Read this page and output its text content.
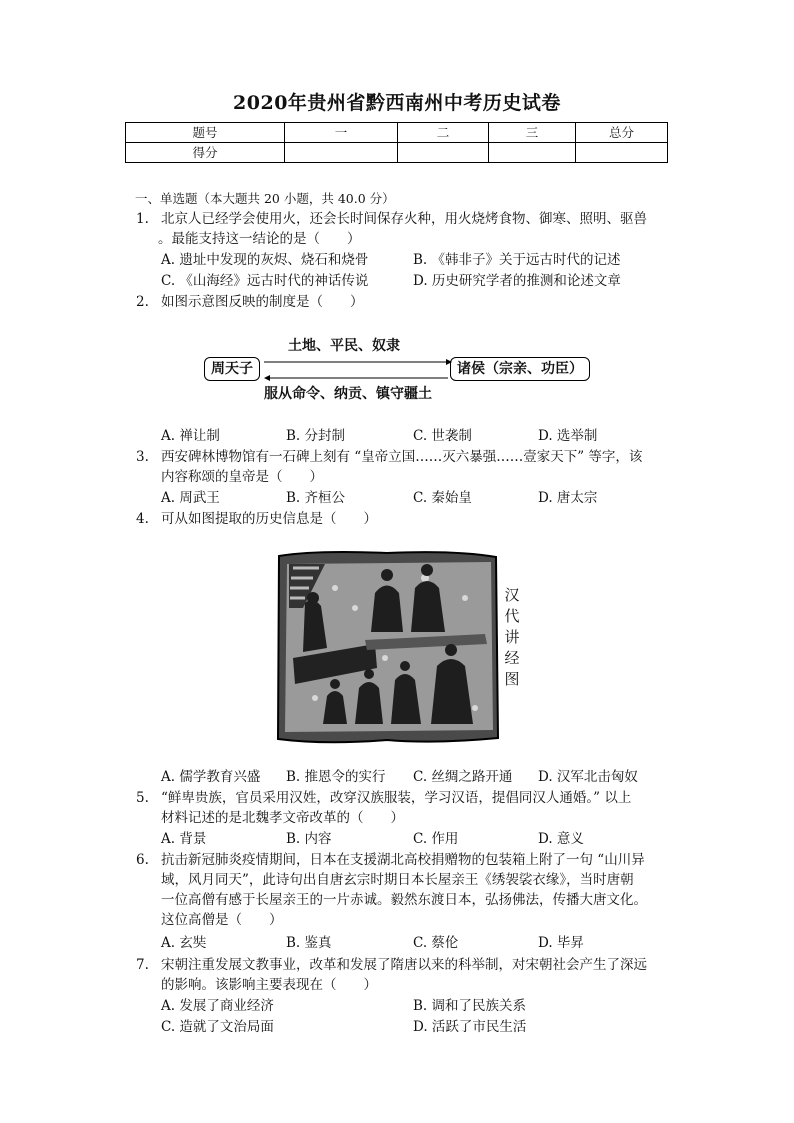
2020年贵州省黔西南州中考历史试卷
题号	一	二	三	总分
得分				
一、单选题（本大题共 20 小题，共 40.0 分）
1. 北京人已经学会使用火，还会长时间保存火种，用火烧烤食物、御寒、照明、驱兽
。最能支持这一结论的是（　　）
A. 遗址中发现的灰烬、烧石和烧骨	B. 《韩非子》关于远古时代的记述
C. 《山海经》远古时代的神话传说	D. 历史研究学者的推测和论述文章
2. 如图示意图反映的制度是（　　）
土地、平民、奴隶
周天子	诸侯（宗亲、功臣）
服从命令、纳贡、镇守疆土
A. 禅让制	B. 分封制	C. 世袭制	D. 选举制
3. 西安碑林博物馆有一石碑上刻有 “皇帝立国……灭六暴强……壹家天下” 等字，该
内容称颂的皇帝是（　　）
A. 周武王	B. 齐桓公	C. 秦始皇	D. 唐太宗
4. 可从如图提取的历史信息是（　　）
汉代讲经图
A. 儒学教育兴盛 B. 推恩令的实行 C. 丝绸之路开通 D. 汉军北击匈奴
5. “鲜卑贵族，官员采用汉姓，改穿汉族服装，学习汉语，提倡同汉人通婚。” 以上
材料记述的是北魏孝文帝改革的（　　）
A. 背景	B. 内容	C. 作用	D. 意义
6. 抗击新冠肺炎疫情期间，日本在支援湖北高校捐赠物的包装箱上附了一句 “山川异
域，风月同天”，此诗句出自唐玄宗时期日本长屋亲王《绣袈裟衣缘》，当时唐朝
一位高僧有感于长屋亲王的一片赤诚。毅然东渡日本，弘扬佛法，传播大唐文化。
这位高僧是（　　）
A. 玄奘	B. 鉴真	C. 蔡伦	D. 毕昇
7. 宋朝注重发展文教事业，改革和发展了隋唐以来的科举制，对宋朝社会产生了深远
的影响。该影响主要表现在（　　）
A. 发展了商业经济	B. 调和了民族关系
C. 造就了文治局面	D. 活跃了市民生活
